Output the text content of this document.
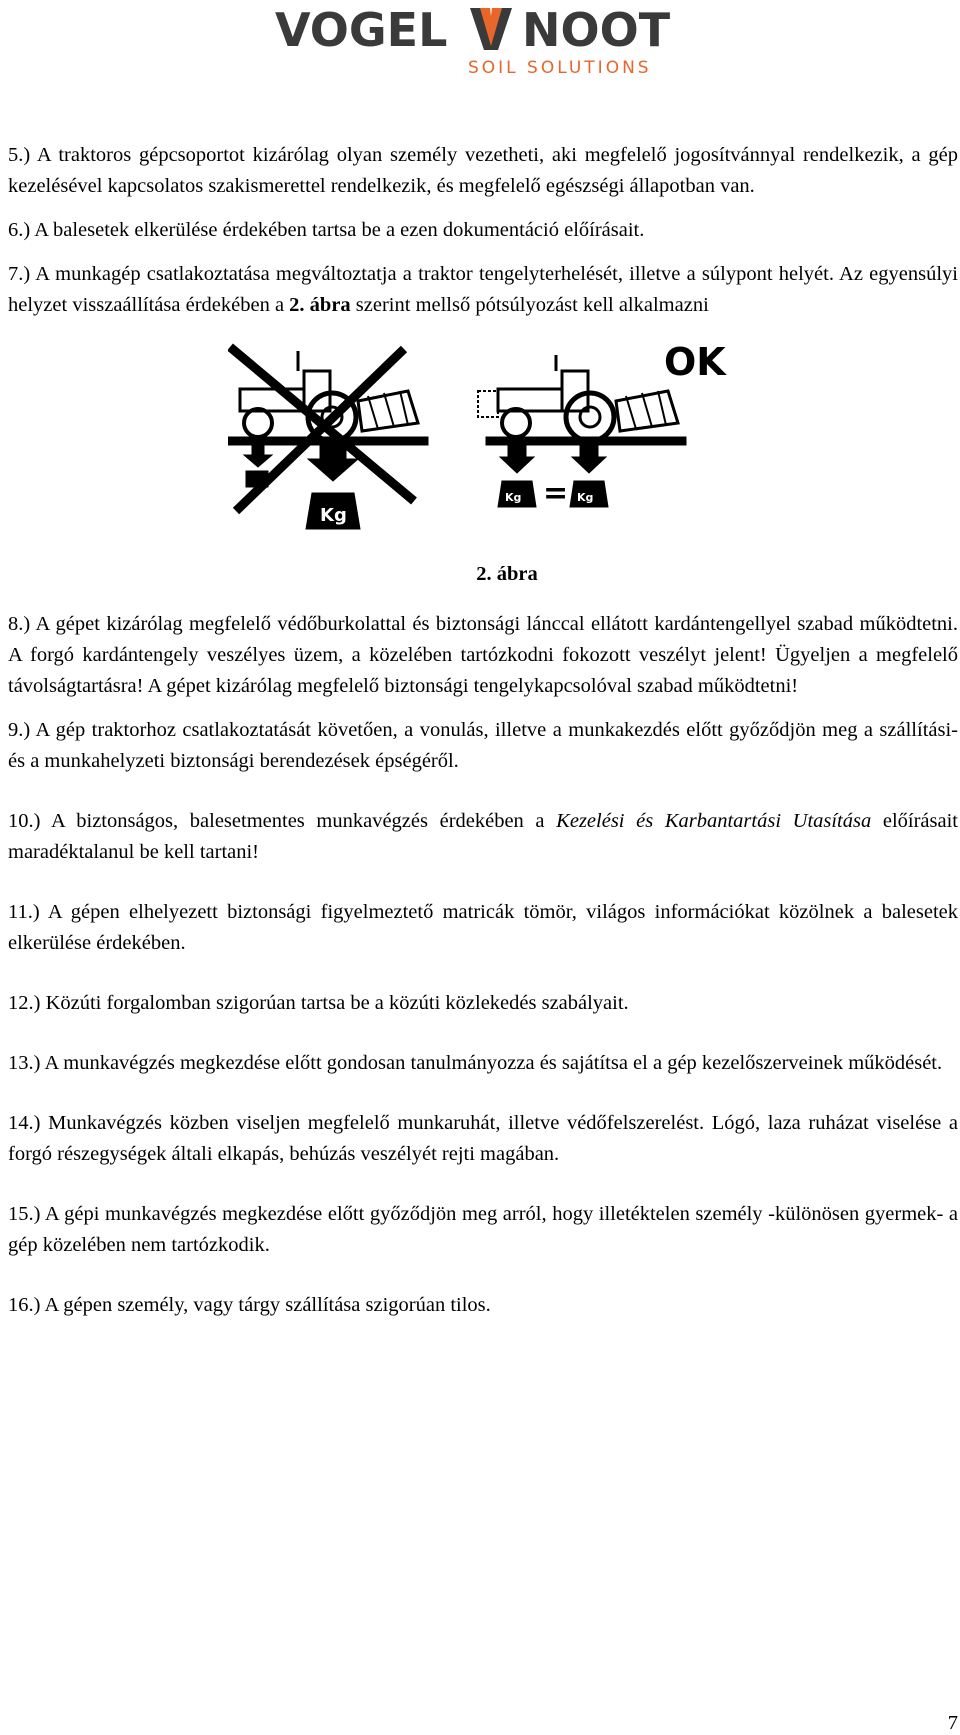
VOGEL NOOT
SOIL SOLUTIONS

5.) A traktoros gépcsoportot kizárólag olyan személy vezetheti, aki megfelelő jogosítvánnyal rendelkezik, a gép kezelésével kapcsolatos szakismerettel rendelkezik, és megfelelő egészségi állapotban van.

6.) A balesetek elkerülése érdekében tartsa be a ezen dokumentáció előírásait.

7.) A munkagép csatlakoztatása megváltoztatja a traktor tengelyterhelését, illetve a súlypont helyét. Az egyensúlyi helyzet visszaállítása érdekében a 2. ábra szerint mellső pótsúlyozást kell alkalmazni

Kg
Kg	Kg
=
OK
2. ábra

8.) A gépet kizárólag megfelelő védőburkolattal és biztonsági lánccal ellátott kardántengellyel szabad működtetni. A forgó kardántengely veszélyes üzem, a közelében tartózkodni fokozott veszélyt jelent! Ügyeljen a megfelelő távolságtartásra! A gépet kizárólag megfelelő biztonsági tengelykapcsolóval szabad működtetni!

9.) A gép traktorhoz csatlakoztatását követően, a vonulás, illetve a munkakezdés előtt győződjön meg a szállítási- és a munkahelyzeti biztonsági berendezések épségéről.

10.) A biztonságos, balesetmentes munkavégzés érdekében a Kezelési és Karbantartási Utasítása előírásait maradéktalanul be kell tartani!

11.) A gépen elhelyezett biztonsági figyelmeztető matricák tömör, világos információkat közölnek a balesetek elkerülése érdekében.

12.) Közúti forgalomban szigorúan tartsa be a közúti közlekedés szabályait.

13.) A munkavégzés megkezdése előtt gondosan tanulmányozza és sajátítsa el a gép kezelőszerveinek működését.

14.) Munkavégzés közben viseljen megfelelő munkaruhát, illetve védőfelszerelést. Lógó, laza ruházat viselése a forgó részegységek általi elkapás, behúzás veszélyét rejti magában.

15.) A gépi munkavégzés megkezdése előtt győződjön meg arról, hogy illetéktelen személy -különösen gyermek- a gép közelében nem tartózkodik.

16.) A gépen személy, vagy tárgy szállítása szigorúan tilos.

7
